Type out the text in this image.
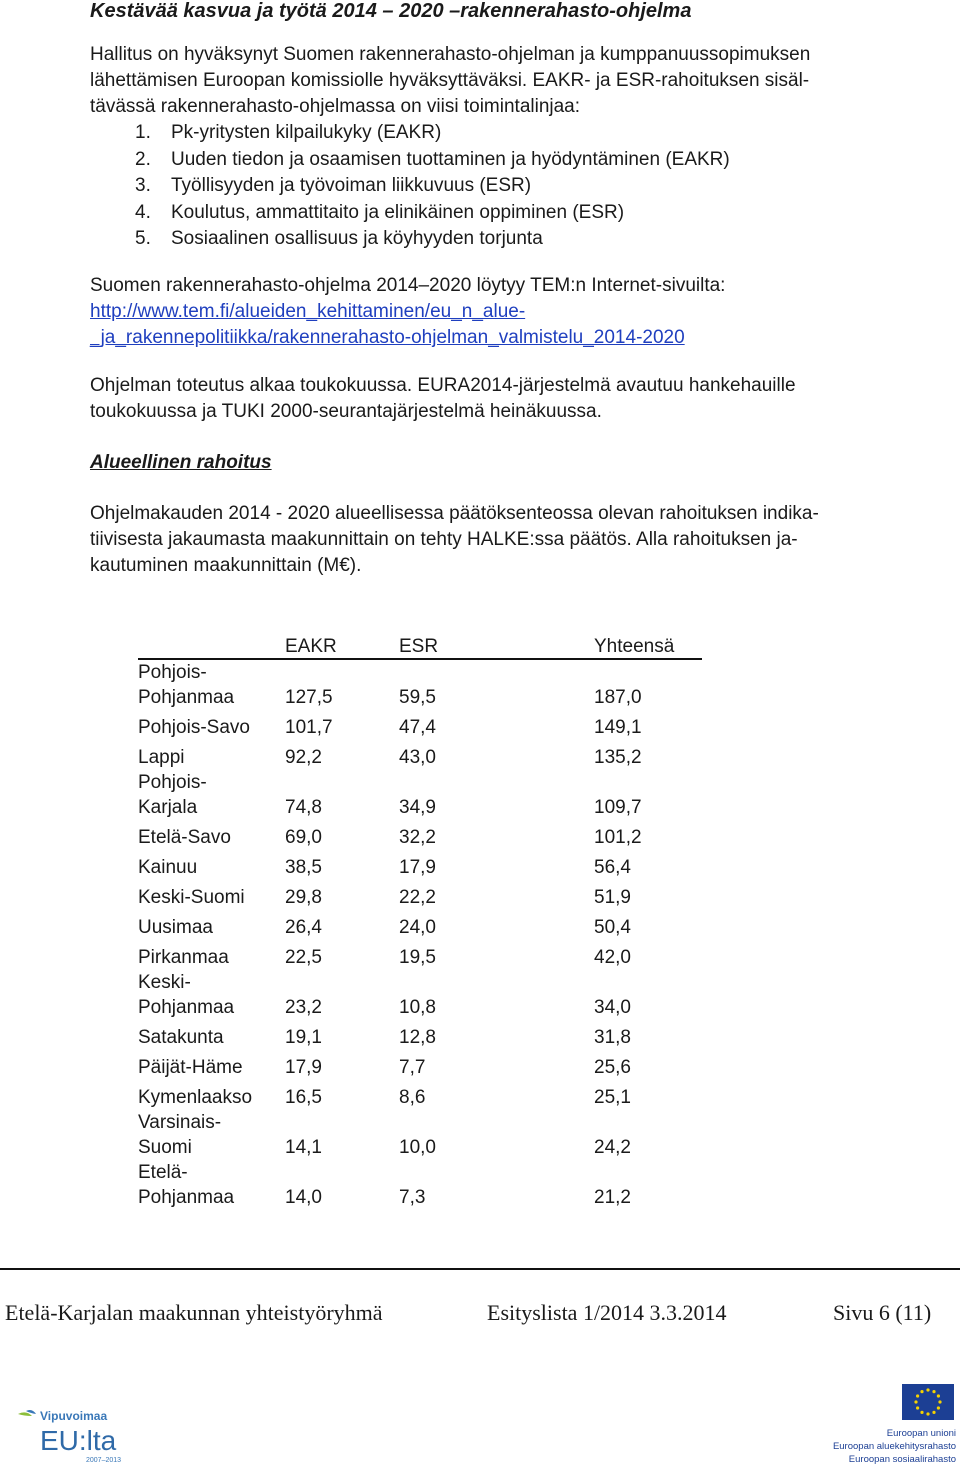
Kestävää kasvua ja työtä 2014 – 2020 –rakennerahasto-ohjelma

Hallitus on hyväksynyt Suomen rakennerahasto-ohjelman ja kumppanuussopimuksen
lähettämisen Euroopan komissiolle hyväksyttäväksi. EAKR- ja ESR-rahoituksen sisäl-
tävässä rakennerahasto-ohjelmassa on viisi toimintalinjaa:

1. Pk-yritysten kilpailukyky (EAKR)
2. Uuden tiedon ja osaamisen tuottaminen ja hyödyntäminen (EAKR)
3. Työllisyyden ja työvoiman liikkuvuus (ESR)
4. Koulutus, ammattitaito ja elinikäinen oppiminen (ESR)
5. Sosiaalinen osallisuus ja köyhyyden torjunta

Suomen rakennerahasto-ohjelma 2014–2020 löytyy TEM:n Internet-sivuilta:
http://www.tem.fi/alueiden_kehittaminen/eu_n_alue-
_ja_rakennepolitiikka/rakennerahasto-ohjelman_valmistelu_2014-2020

Ohjelman toteutus alkaa toukokuussa. EURA2014-järjestelmä avautuu hankehauille
toukokuussa ja TUKI 2000-seurantajärjestelmä heinäkuussa.

Alueellinen rahoitus

Ohjelmakauden 2014 - 2020 alueellisessa päätöksenteossa olevan rahoituksen indika-
tiivisesta jakaumasta maakunnittain on tehty HALKE:ssa päätös. Alla rahoituksen ja-
kautuminen maakunnittain (M€).

	EAKR	ESR	Yhteensä
Pohjois-
Pohjanmaa	127,5	59,5	187,0
Pohjois-Savo	101,7	47,4	149,1
Lappi	92,2	43,0	135,2
Pohjois-
Karjala	74,8	34,9	109,7
Etelä-Savo	69,0	32,2	101,2
Kainuu	38,5	17,9	56,4
Keski-Suomi	29,8	22,2	51,9
Uusimaa	26,4	24,0	50,4
Pirkanmaa	22,5	19,5	42,0
Keski-
Pohjanmaa	23,2	10,8	34,0
Satakunta	19,1	12,8	31,8
Päijät-Häme	17,9	7,7	25,6
Kymenlaakso	16,5	8,6	25,1
Varsinais-
Suomi	14,1	10,0	24,2
Etelä-
Pohjanmaa	14,0	7,3	21,2
Etelä-Karjalan maakunnan yhteistyöryhmä	Esityslista 1/2014 3.3.2014	Sivu 6 (11)
Vipuvoimaa
EU:lta
2007–2013
Euroopan unioni
Euroopan aluekehitysrahasto
Euroopan sosiaalirahasto
